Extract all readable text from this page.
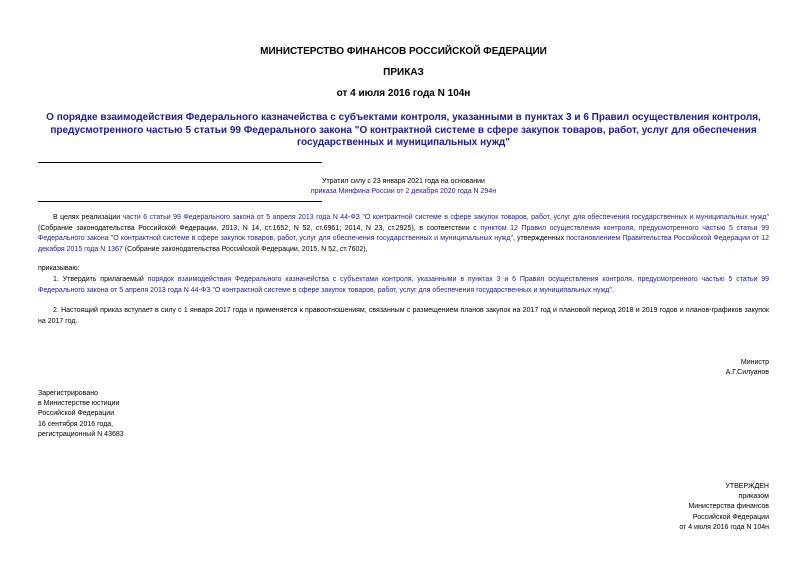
МИНИСТЕРСТВО ФИНАНСОВ РОССИЙСКОЙ ФЕДЕРАЦИИ
ПРИКАЗ
от 4 июля 2016 года N 104н
О порядке взаимодействия Федерального казначейства с субъектами контроля, указанными в пунктах 3 и 6 Правил осуществления контроля, предусмотренного частью 5 статьи 99 Федерального закона "О контрактной системе в сфере закупок товаров, работ, услуг для обеспечения государственных и муниципальных нужд"
Утратил силу с 23 января 2021 года на основании
приказа Минфина России от 2 декабря 2020 года N 294н
В целях реализации части 6 статьи 99 Федерального закона от 5 апреля 2013 года N 44-ФЗ "О контрактной системе в сфере закупок товаров, работ, услуг для обеспечения государственных и муниципальных нужд" (Собрание законодательства Российской Федерации, 2013, N 14, ст.1652; N 52, ст.6961; 2014, N 23, ст.2925), в соответствии с пунктом 12 Правил осуществления контроля, предусмотренного частью 5 статьи 99 Федерального закона "О контрактной системе в сфере закупок товаров, работ, услуг для обеспечения государственных и муниципальных нужд", утвержденных постановлением Правительства Российской Федерации от 12 декабря 2015 года N 1367 (Собрание законодательства Российской Федерации, 2015, N 52, ст.7602),
приказываю:
1. Утвердить прилагаемый порядок взаимодействия Федерального казначейства с субъектами контроля, указанными в пунктах 3 и 6 Правил осуществления контроля, предусмотренного частью 5 статьи 99 Федерального закона от 5 апреля 2013 года N 44-ФЗ "О контрактной системе в сфере закупок товаров, работ, услуг для обеспечения государственных и муниципальных нужд".
2. Настоящий приказ вступает в силу с 1 января 2017 года и применяется к правоотношениям, связанным с размещением планов закупок на 2017 год и плановой период 2018 и 2019 годов и планов-графиков закупок на 2017 год.
Министр
А.Г.Силуанов
Зарегистрировано
в Министерстве юстиции
Российской Федерации
16 сентября 2016 года,
регистрационный N 43683
УТВЕРЖДЕН
приказом
Министерства финансов
Российской Федерации
от 4 июля 2016 года N 104н
